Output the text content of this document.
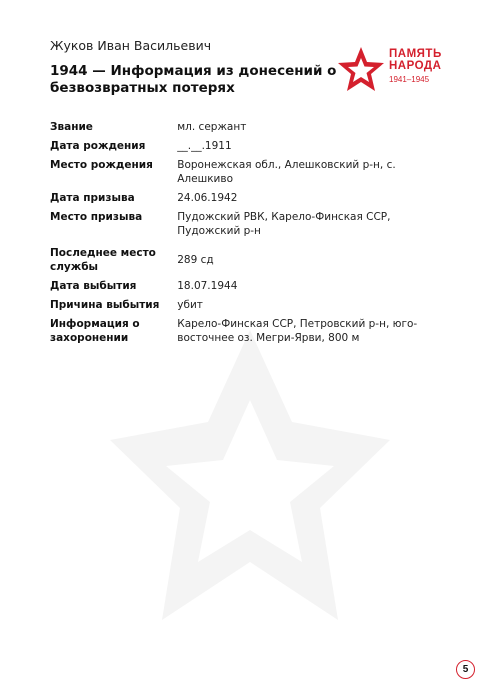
Жуков Иван Васильевич
1944 — Информация из донесений о безвозвратных потерях
ПАМЯТЬ
НАРОДА
1941–1945
Звание	мл. сержант
Дата рождения	__.__.1911
Место рождения	Воронежская обл., Алешковский р-н, с. Алешкиво
Дата призыва	24.06.1942
Место призыва	Пудожский РВК, Карело-Финская ССР, Пудожский р-н
Последнее место службы	289 сд
Дата выбытия	18.07.1944
Причина выбытия	убит
Информация о захоронении	Карело-Финская ССР, Петровский р-н, юго-восточнее оз. Мегри-Ярви, 800 м
5
